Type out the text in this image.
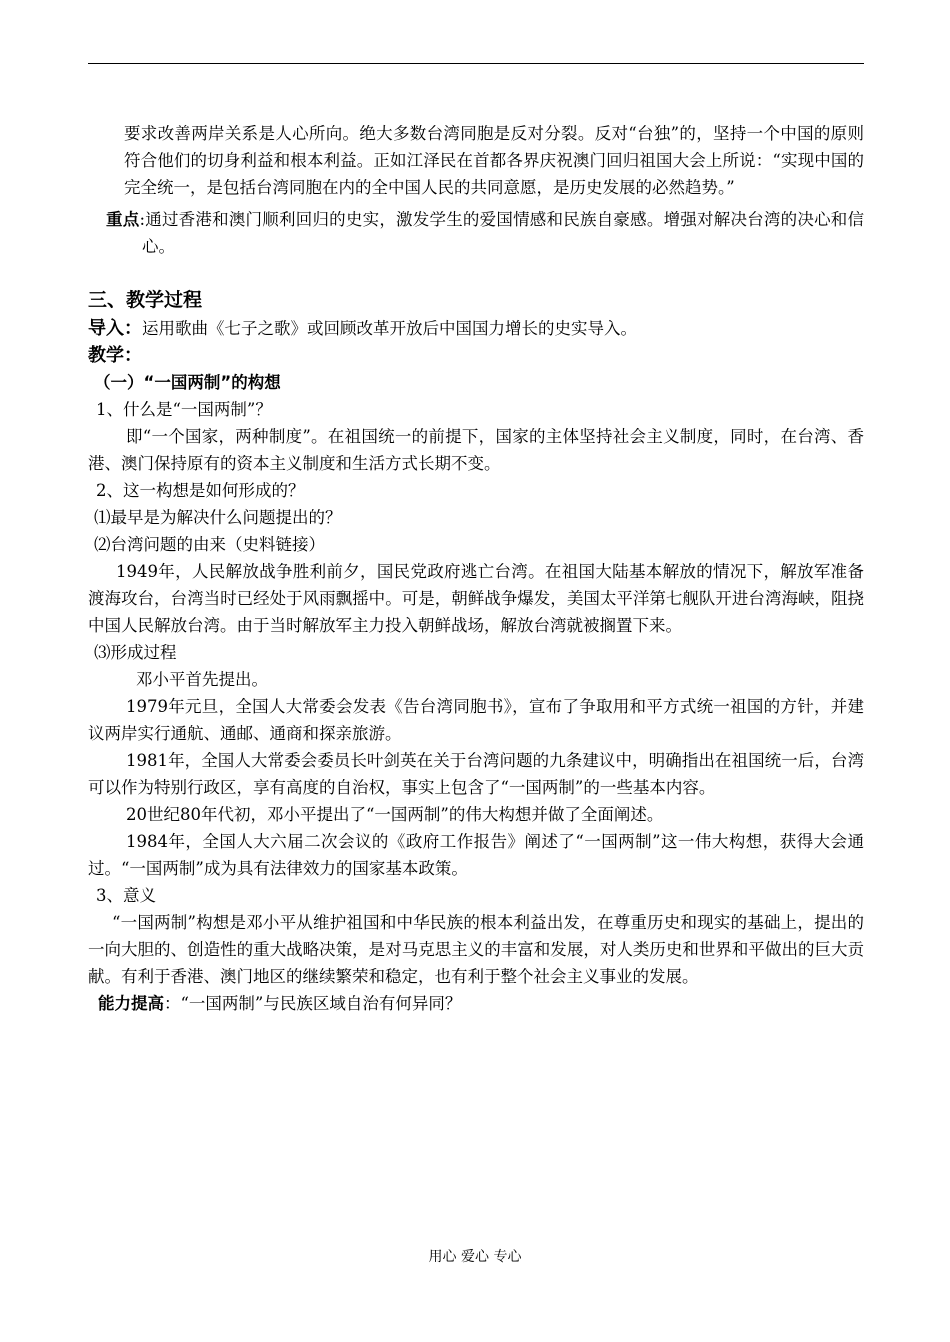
要求改善两岸关系是人心所向。绝大多数台湾同胞是反对分裂。反对“台独”的，坚持一个中国的原则符合他们的切身利益和根本利益。正如江泽民在首都各界庆祝澳门回归祖国大会上所说：“实现中国的完全统一，是包括台湾同胞在内的全中国人民的共同意愿，是历史发展的必然趋势。”

重点:通过香港和澳门顺利回归的史实，激发学生的爱国情感和民族自豪感。增强对解决台湾的决心和信心。

三、教学过程

导入：运用歌曲《七子之歌》或回顾改革开放后中国国力增长的史实导入。

教学：

（一）“一国两制”的构想

1、什么是“一国两制”？

即“一个国家，两种制度”。在祖国统一的前提下，国家的主体坚持社会主义制度，同时，在台湾、香港、澳门保持原有的资本主义制度和生活方式长期不变。

2、这一构想是如何形成的？

⑴最早是为解决什么问题提出的？

⑵台湾问题的由来（史料链接）

1949年，人民解放战争胜利前夕，国民党政府逃亡台湾。在祖国大陆基本解放的情况下，解放军准备渡海攻台，台湾当时已经处于风雨飘摇中。可是，朝鲜战争爆发，美国太平洋第七舰队开进台湾海峡，阻挠中国人民解放台湾。由于当时解放军主力投入朝鲜战场，解放台湾就被搁置下来。

⑶形成过程

邓小平首先提出。

1979年元旦，全国人大常委会发表《告台湾同胞书》，宣布了争取用和平方式统一祖国的方针，并建议两岸实行通航、通邮、通商和探亲旅游。

1981年，全国人大常委会委员长叶剑英在关于台湾问题的九条建议中，明确指出在祖国统一后，台湾可以作为特别行政区，享有高度的自治权，事实上包含了“一国两制”的一些基本内容。

20世纪80年代初，邓小平提出了“一国两制”的伟大构想并做了全面阐述。

1984年，全国人大六届二次会议的《政府工作报告》阐述了“一国两制”这一伟大构想，获得大会通过。“一国两制”成为具有法律效力的国家基本政策。

3、意义

“一国两制”构想是邓小平从维护祖国和中华民族的根本利益出发，在尊重历史和现实的基础上，提出的一向大胆的、创造性的重大战略决策，是对马克思主义的丰富和发展，对人类历史和世界和平做出的巨大贡献。有利于香港、澳门地区的继续繁荣和稳定，也有利于整个社会主义事业的发展。

能力提高：“一国两制”与民族区域自治有何异同？

用心 爱心 专心
